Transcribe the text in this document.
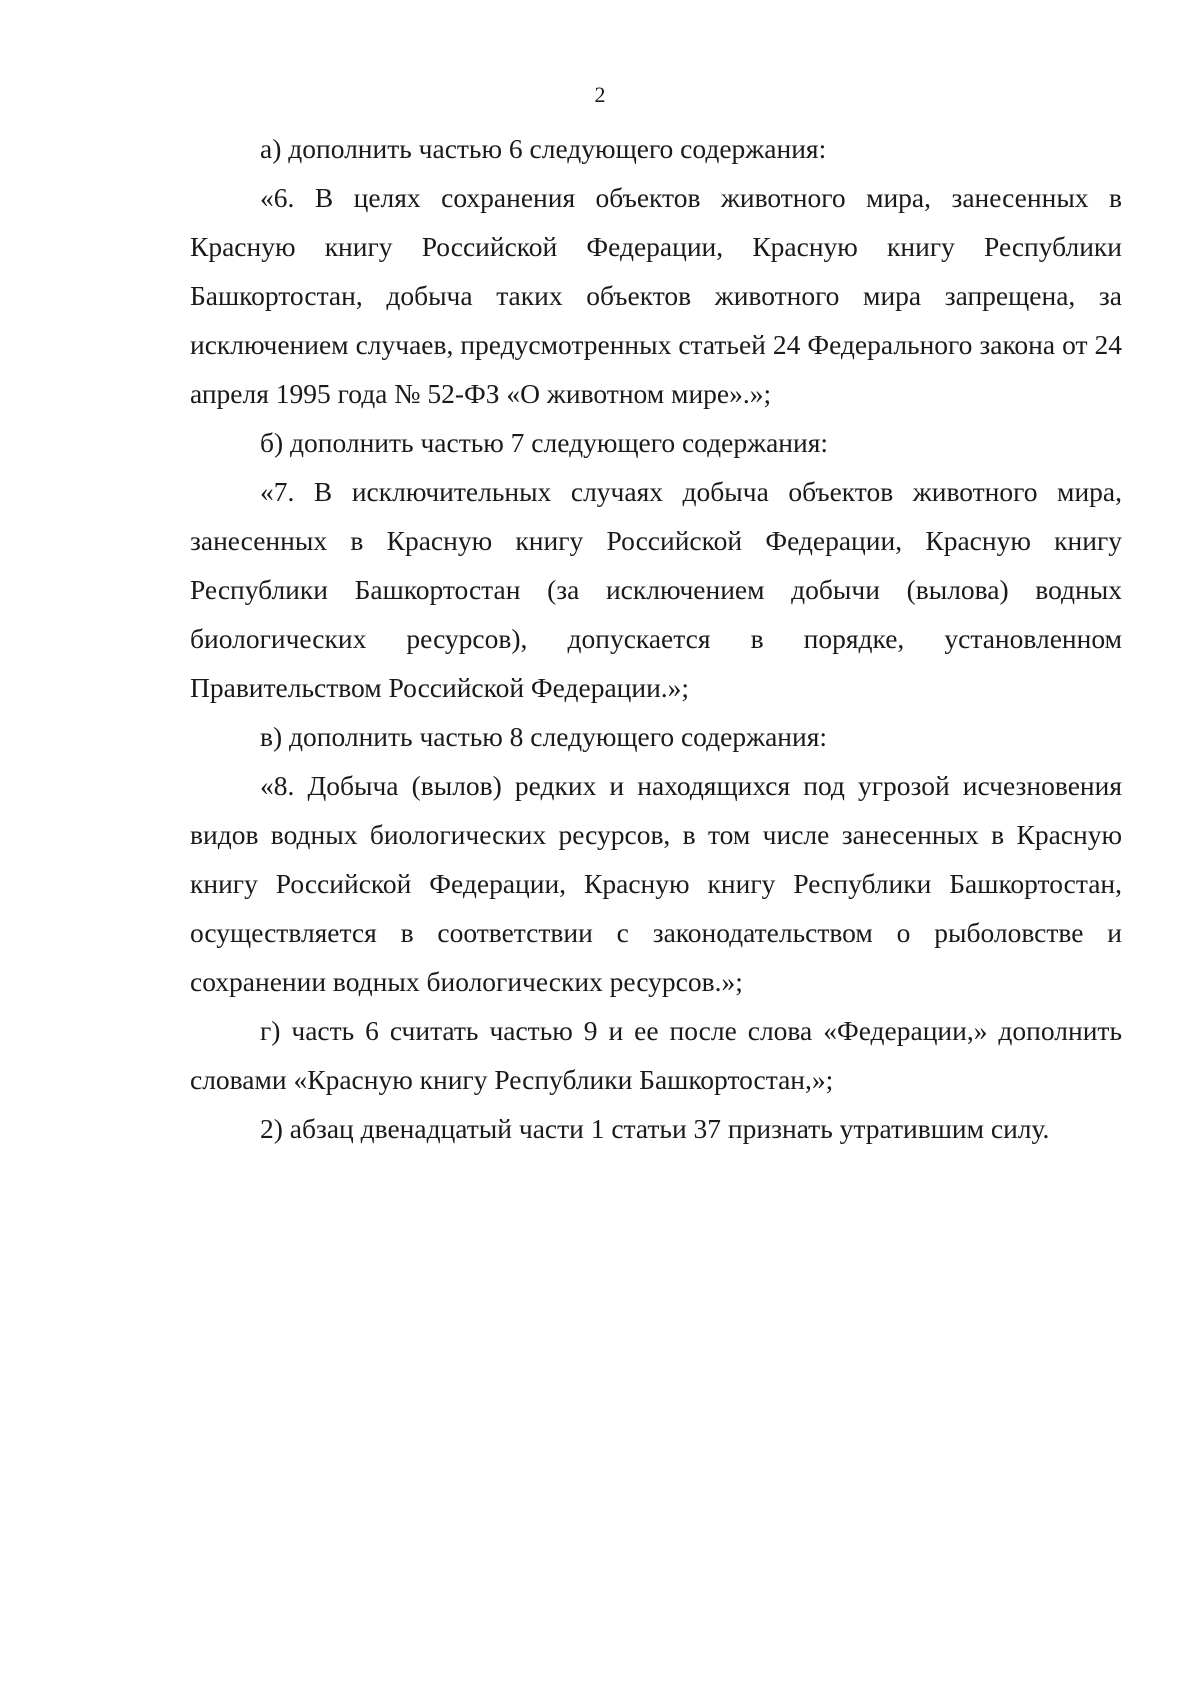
2

а) дополнить частью 6 следующего содержания:

«6. В целях сохранения объектов животного мира, занесенных в Красную книгу Российской Федерации, Красную книгу Республики Башкортостан, добыча таких объектов животного мира запрещена, за исключением случаев, предусмотренных статьей 24 Федерального закона от 24 апреля 1995 года № 52-ФЗ «О животном мире».»;

б) дополнить частью 7 следующего содержания:

«7. В исключительных случаях добыча объектов животного мира, занесенных в Красную книгу Российской Федерации, Красную книгу Республики Башкортостан (за исключением добычи (вылова) водных биологических ресурсов), допускается в порядке, установленном Правительством Российской Федерации.»;

в) дополнить частью 8 следующего содержания:

«8. Добыча (вылов) редких и находящихся под угрозой исчезновения видов водных биологических ресурсов, в том числе занесенных в Красную книгу Российской Федерации, Красную книгу Республики Башкортостан, осуществляется в соответствии с законодательством о рыболовстве и сохранении водных биологических ресурсов.»;

г) часть 6 считать частью 9 и ее после слова «Федерации,» дополнить словами «Красную книгу Республики Башкортостан,»;

2) абзац двенадцатый части 1 статьи 37 признать утратившим силу.
